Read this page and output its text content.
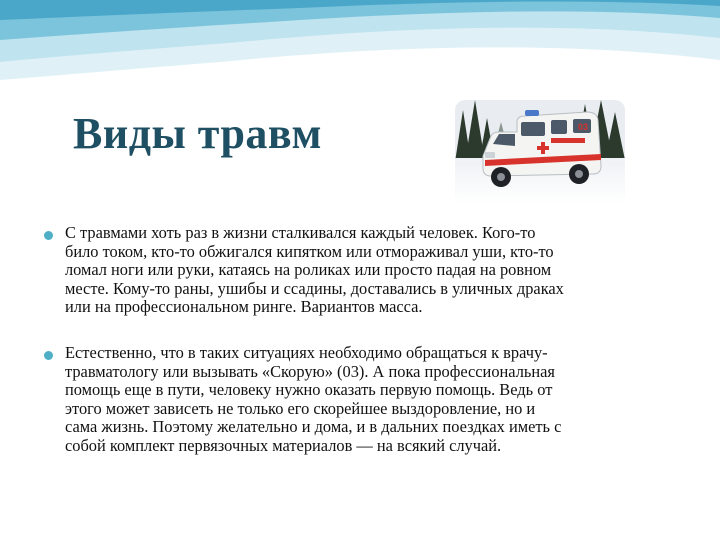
Виды травм	03
С травмами хоть раз в жизни сталкивался каждый человек. Кого-то
било током, кто-то обжигался кипятком или отмораживал уши, кто-то
ломал ноги или руки, катаясь на роликах или просто падая на ровном
месте. Кому-то раны, ушибы и ссадины, доставались в уличных драках
или на профессиональном ринге. Вариантов масса.
Естественно, что в таких ситуациях необходимо обращаться к врачу-
травматологу или вызывать «Скорую» (03). А пока профессиональная
помощь еще в пути, человеку нужно оказать первую помощь. Ведь от
этого может зависеть не только его скорейшее выздоровление, но и
сама жизнь. Поэтому желательно и дома, и в дальних поездках иметь с
собой комплект первязочных материалов — на всякий случай.
